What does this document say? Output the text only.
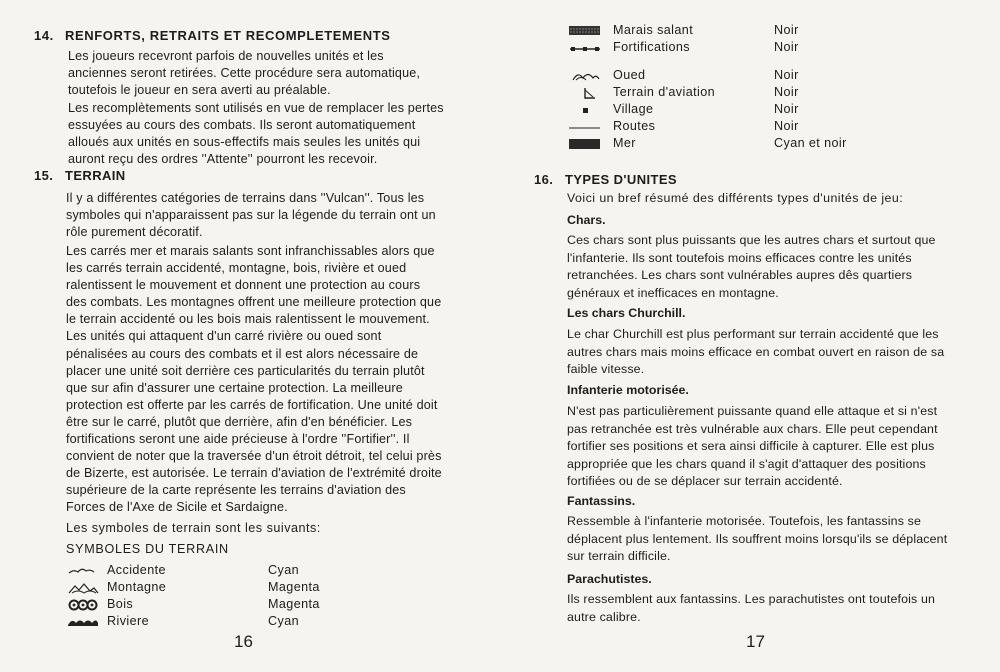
14. RENFORTS, RETRAITS ET RECOMPLETEMENTS

Les joueurs recevront parfois de nouvelles unités et les anciennes seront retirées. Cette procédure sera automatique, toutefois le joueur en sera averti au préalable.

Les recomplètements sont utilisés en vue de remplacer les pertes essuyées au cours des combats. Ils seront automatiquement alloués aux unités en sous-effectifs mais seules les unités qui auront reçu des ordres ''Attente'' pourront les recevoir.

15. TERRAIN

Il y a différentes catégories de terrains dans ''Vulcan''. Tous les symboles qui n'apparaissent pas sur la légende du terrain ont un rôle purement décoratif.

Les carrés mer et marais salants sont infranchissables alors que les carrés terrain accidenté, montagne, bois, rivière et oued ralentissent le mouvement et donnent une protection au cours des combats. Les montagnes offrent une meilleure protection que le terrain accidenté ou les bois mais ralentissent le mouvement. Les unités qui attaquent d'un carré rivière ou oued sont pénalisées au cours des combats et il est alors nécessaire de placer une unité soit derrière ces particularités du terrain plutôt que sur afin d'assurer une certaine protection. La meilleure protection est offerte par les carrés de fortification. Une unité doit être sur le carré, plutôt que derrière, afin d'en bénéficier. Les fortifications seront une aide précieuse à l'ordre ''Fortifier''. Il convient de noter que la traversée d'un étroit détroit, tel celui près de Bizerte, est autorisée. Le terrain d'aviation de l'extrémité droite supérieure de la carte représente les terrains d'aviation des Forces de l'Axe de Sicile et Sardaigne.

Les symboles de terrain sont les suivants:

SYMBOLES DU TERRAIN

Accidente	Cyan
Montagne	Magenta
Bois	Magenta
Riviere	Cyan
16
Marais salant	Noir
Fortifications	Noir
Oued	Noir
Terrain d'aviation	Noir
Village	Noir
Routes	Noir
Mer	Cyan et noir
16. TYPES D'UNITES

Voici un bref résumé des différents types d'unités de jeu:

Chars.

Ces chars sont plus puissants que les autres chars et surtout que l'infanterie. Ils sont toutefois moins efficaces contre les unités retranchées. Les chars sont vulnérables aupres dês quartiers généraux et inefficaces en montagne.

Les chars Churchill.

Le char Churchill est plus performant sur terrain accidenté que les autres chars mais moins efficace en combat ouvert en raison de sa faible vitesse.

Infanterie motorisée.

N'est pas particulièrement puissante quand elle attaque et si n'est pas retranchée est très vulnérable aux chars. Elle peut cependant fortifier ses positions et sera ainsi difficile à capturer. Elle est plus appropriée que les chars quand il s'agit d'attaquer des positions fortifiées ou de se déplacer sur terrain accidenté.

Fantassins.

Ressemble à l'infanterie motorisée. Toutefois, les fantassins se déplacent plus lentement. Ils souffrent moins lorsqu'ils se déplacent sur terrain difficile.

Parachutistes.

Ils ressemblent aux fantassins. Les parachutistes ont toutefois un autre calibre.

17
